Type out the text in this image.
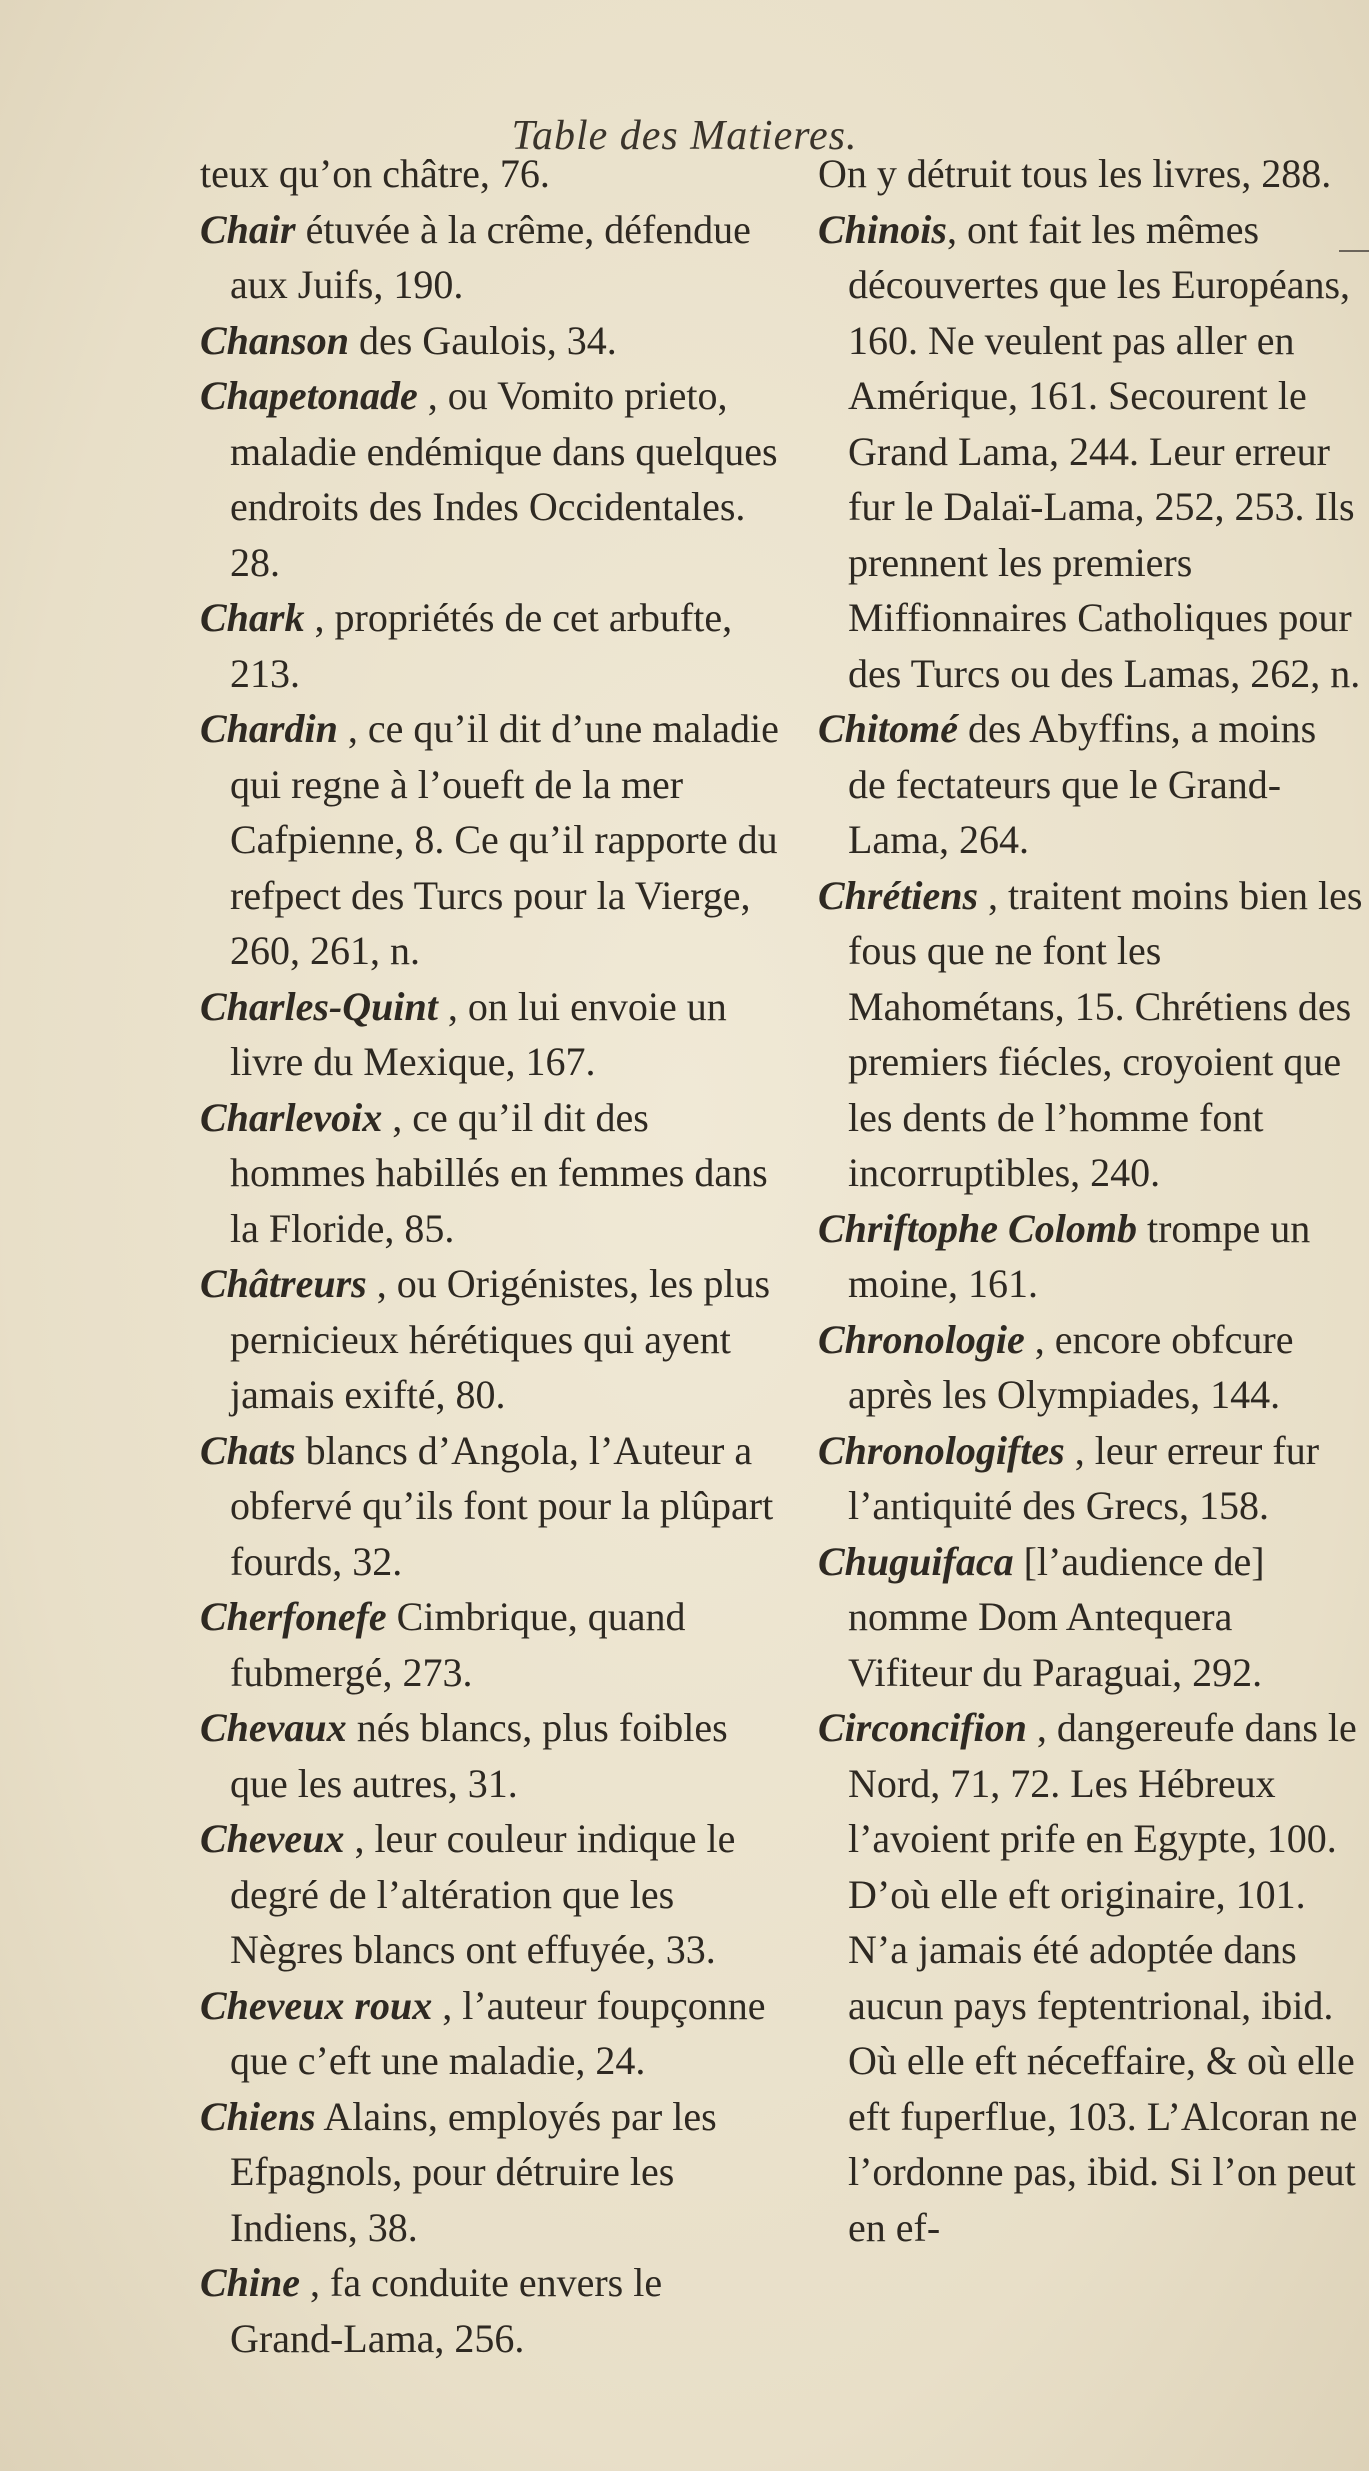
Table des Matieres.

teux qu’on châtre, 76.

Chair étuvée à la crême, défendue aux Juifs, 190.

Chanson des Gaulois, 34.

Chapetonade , ou Vomito prieto, maladie endémique dans quelques endroits des Indes Occidentales. 28.

Chark , propriétés de cet arbufte, 213.

Chardin , ce qu’il dit d’une maladie qui regne à l’oueft de la mer Cafpienne, 8. Ce qu’il rapporte du refpect des Turcs pour la Vierge, 260, 261, n.

Charles-Quint , on lui envoie un livre du Mexique, 167.

Charlevoix , ce qu’il dit des hommes habillés en femmes dans la Floride, 85.

Châtreurs , ou Origénistes, les plus pernicieux hérétiques qui ayent jamais exifté, 80.

Chats blancs d’Angola, l’Auteur a obfervé qu’ils font pour la plûpart fourds, 32.

Cherfonefe Cimbrique, quand fubmergé, 273.

Chevaux nés blancs, plus foibles que les autres, 31.

Cheveux , leur couleur indique le degré de l’altération que les Nègres blancs ont effuyée, 33.

Cheveux roux , l’auteur foupçonne que c’eft une maladie, 24.

Chiens Alains, employés par les Efpagnols, pour détruire les Indiens, 38.

Chine , fa conduite envers le Grand-Lama, 256.

On y détruit tous les livres, 288.

Chinois, ont fait les mêmes découvertes que les Européans, 160. Ne veulent pas aller en Amérique, 161. Secourent le Grand Lama, 244. Leur erreur fur le Dalaï-Lama, 252, 253. Ils prennent les premiers Miffionnaires Catholiques pour des Turcs ou des Lamas, 262, n.

Chitomé des Abyffins, a moins de fectateurs que le Grand-Lama, 264.

Chrétiens , traitent moins bien les fous que ne font les Mahométans, 15. Chrétiens des premiers fiécles, croyoient que les dents de l’homme font incorruptibles, 240.

Chriftophe Colomb trompe un moine, 161.

Chronologie , encore obfcure après les Olympiades, 144.

Chronologiftes , leur erreur fur l’antiquité des Grecs, 158.

Chuguifaca [l’audience de] nomme Dom Antequera Vifiteur du Paraguai, 292.

Circoncifion , dangereufe dans le Nord, 71, 72. Les Hébreux l’avoient prife en Egypte, 100. D’où elle eft originaire, 101. N’a jamais été adoptée dans aucun pays feptentrional, ibid. Où elle eft néceffaire, & où elle eft fuperflue, 103. L’Alcoran ne l’ordonne pas, ibid. Si l’on peut en ef-
